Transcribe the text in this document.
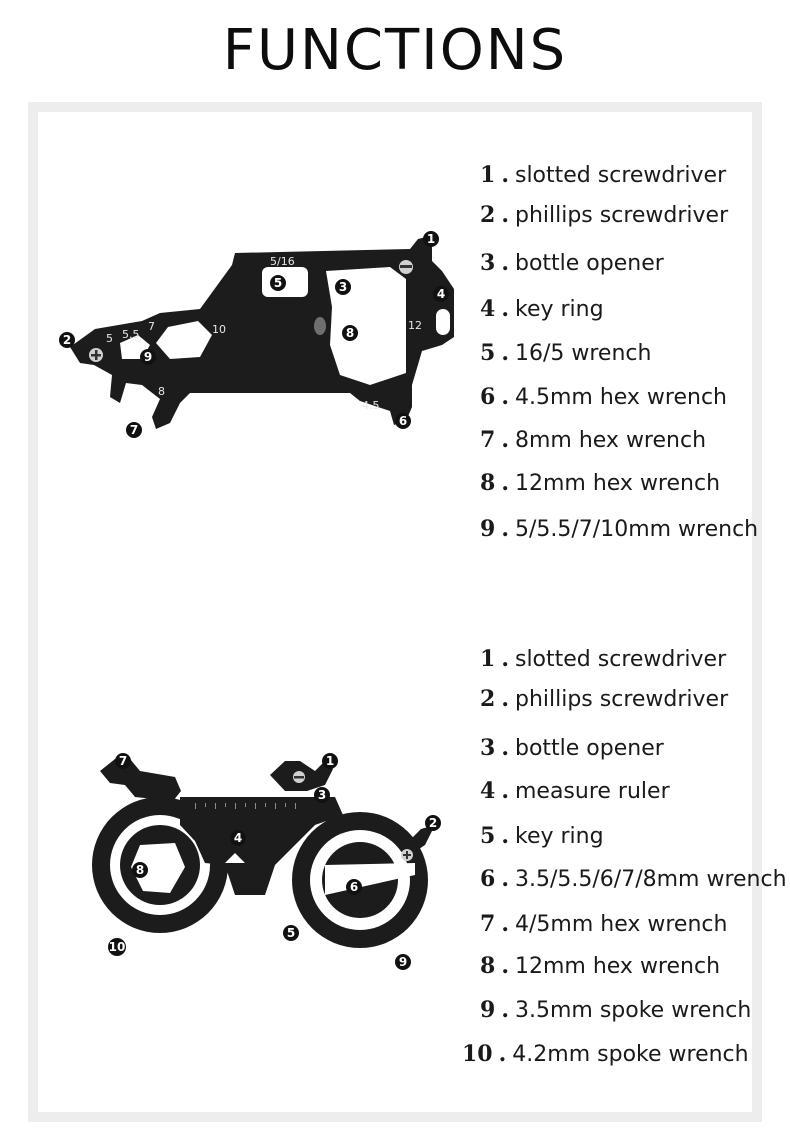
FUNCTIONS
5/16
5 5.5
7	10	12
8
4.5
1
2
3	4
5
6
7
8
9
1 . slotted screwdriver
2 . phillips screwdriver
3 . bottle opener
4 . key ring
5 . 16/5 wrench
6 . 4.5mm hex wrench
7 . 8mm hex wrench
8 . 12mm hex wrench
9 . 5/5.5/7/10mm wrench
1
2
3
4
5
6
7
8
9
10
1 . slotted screwdriver
2 . phillips screwdriver
3 . bottle opener
4 . measure ruler
5 . key ring
6 . 3.5/5.5/6/7/8mm wrench
7 . 4/5mm hex wrench
8 . 12mm hex wrench
9 . 3.5mm spoke wrench
10 . 4.2mm spoke wrench
